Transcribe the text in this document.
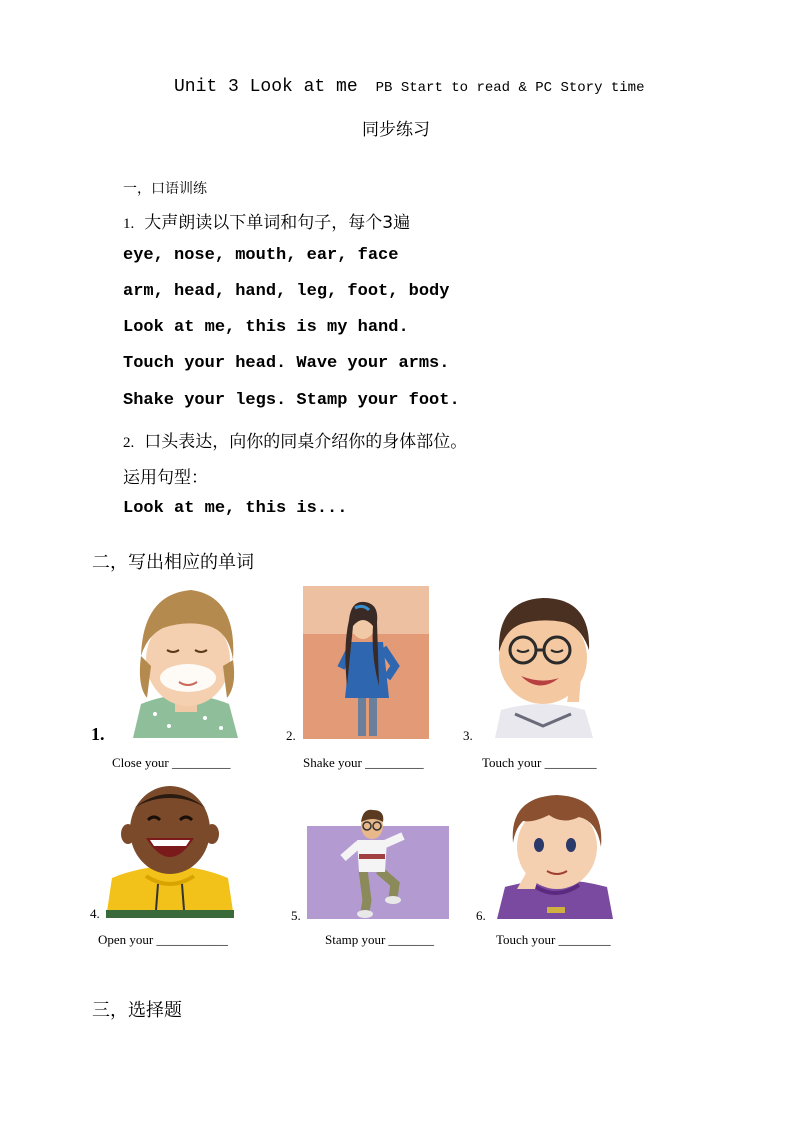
Unit 3 Look at me PB Start to read & PC Story time
同步练习
一，口语训练
1. 大声朗读以下单词和句子，每个3遍
eye, nose, mouth, ear, face
arm, head, hand, leg, foot, body
Look at me, this is my hand.
Touch your head. Wave your arms.
Shake your legs. Stamp your foot.
2. 口头表达，向你的同桌介绍你的身体部位。
运用句型：
Look at me, this is...
二，写出相应的单词
1.
Close your _________
2.
Shake your _________
3.
Touch your ________
4.
Open your ___________
5.
Stamp your _______
6.
Touch your ________
三，选择题
